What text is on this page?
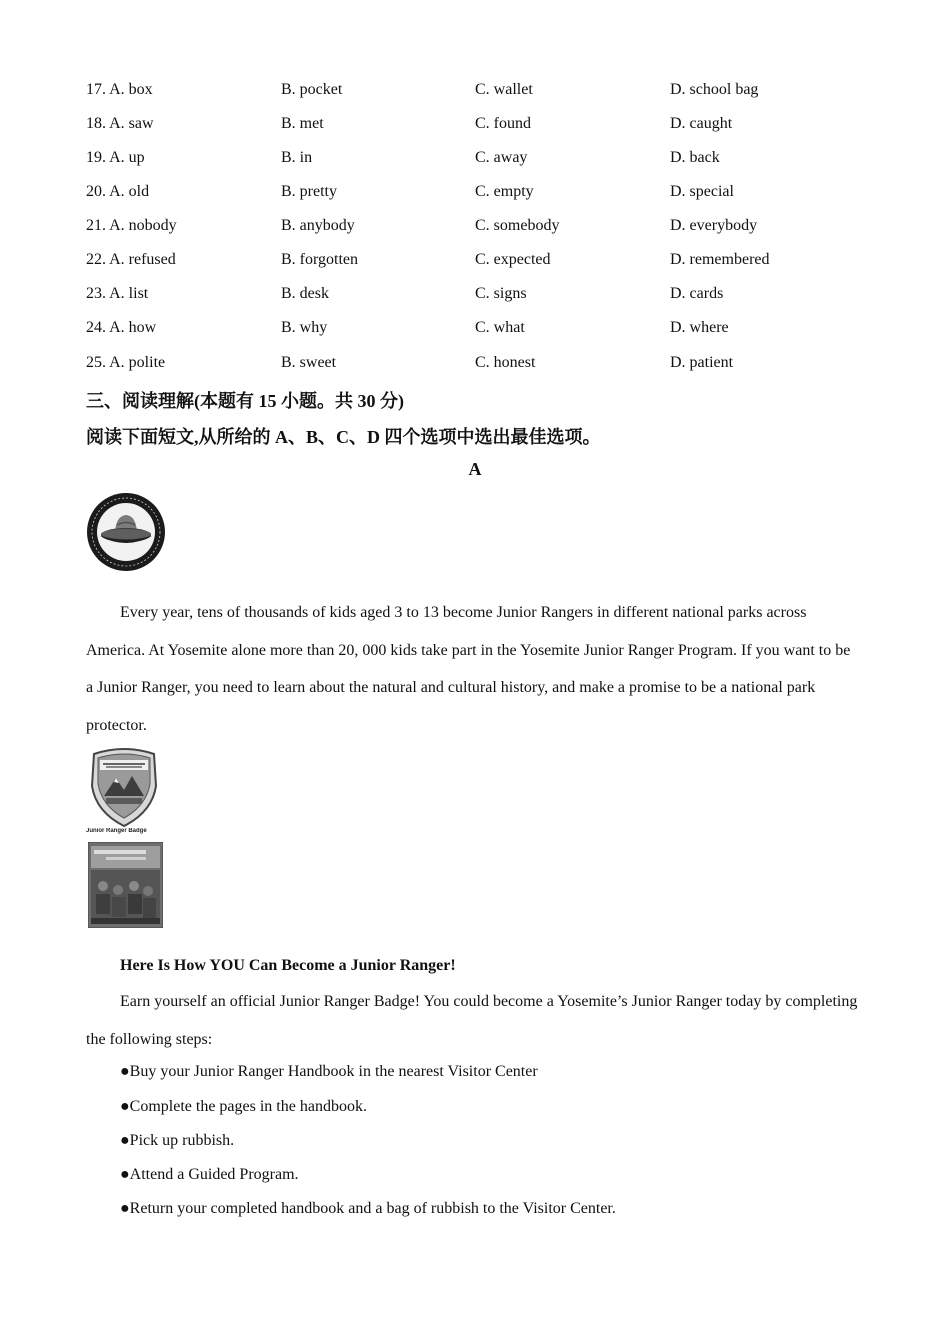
17. A. box	B. pocket	C. wallet	D. school bag
18. A. saw	B. met	C. found	D. caught
19. A. up	B. in	C. away	D. back
20. A. old	B. pretty	C. empty	D. special
21. A. nobody	B. anybody	C. somebody	D. everybody
22. A. refused	B. forgotten	C. expected	D. remembered
23. A. list	B. desk	C. signs	D. cards
24. A. how	B. why	C. what	D. where
25. A. polite	B. sweet	C. honest	D. patient
三、阅读理解(本题有 15 小题。共 30 分)
阅读下面短文,从所给的 A、B、C、D 四个选项中选出最佳选项。
A

Every year, tens of thousands of kids aged 3 to 13 become Junior Rangers in different national parks across America. At Yosemite alone more than 20, 000 kids take part in the Yosemite Junior Ranger Program. If you want to be a Junior Ranger, you need to learn about the natural and cultural history, and make a promise to be a national park protector.

Junior Ranger Badge
Here Is How YOU Can Become a Junior Ranger!

Earn yourself an official Junior Ranger Badge! You could become a Yosemite’s Junior Ranger today by completing the following steps:

●Buy your Junior Ranger Handbook in the nearest Visitor Center
●Complete the pages in the handbook.
●Pick up rubbish.
●Attend a Guided Program.
●Return your completed handbook and a bag of rubbish to the Visitor Center.
